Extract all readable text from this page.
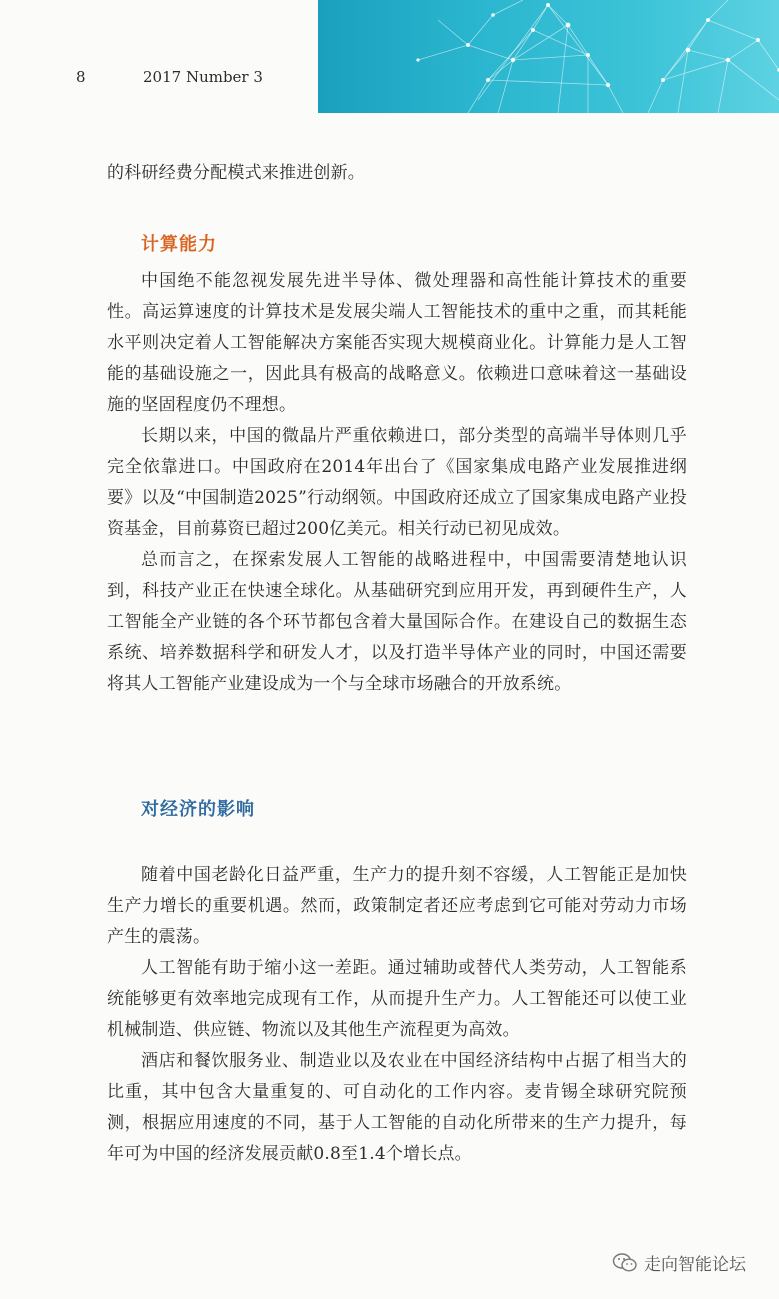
8	2017 Number 3

的科研经费分配模式来推进创新。

计算能力

中国绝不能忽视发展先进半导体、微处理器和高性能计算技术的重要性。高运算速度的计算技术是发展尖端人工智能技术的重中之重，而其耗能水平则决定着人工智能解决方案能否实现大规模商业化。计算能力是人工智能的基础设施之一，因此具有极高的战略意义。依赖进口意味着这一基础设施的坚固程度仍不理想。

长期以来，中国的微晶片严重依赖进口，部分类型的高端半导体则几乎完全依靠进口。中国政府在2014年出台了《国家集成电路产业发展推进纲要》以及“中国制造2025”行动纲领。中国政府还成立了国家集成电路产业投资基金，目前募资已超过200亿美元。相关行动已初见成效。

总而言之，在探索发展人工智能的战略进程中，中国需要清楚地认识到，科技产业正在快速全球化。从基础研究到应用开发，再到硬件生产，人工智能全产业链的各个环节都包含着大量国际合作。在建设自己的数据生态系统、培养数据科学和研发人才，以及打造半导体产业的同时，中国还需要将其人工智能产业建设成为一个与全球市场融合的开放系统。

对经济的影响

随着中国老龄化日益严重，生产力的提升刻不容缓，人工智能正是加快生产力增长的重要机遇。然而，政策制定者还应考虑到它可能对劳动力市场产生的震荡。

人工智能有助于缩小这一差距。通过辅助或替代人类劳动，人工智能系统能够更有效率地完成现有工作，从而提升生产力。人工智能还可以使工业机械制造、供应链、物流以及其他生产流程更为高效。

酒店和餐饮服务业、制造业以及农业在中国经济结构中占据了相当大的比重，其中包含大量重复的、可自动化的工作内容。麦肯锡全球研究院预测，根据应用速度的不同，基于人工智能的自动化所带来的生产力提升，每年可为中国的经济发展贡献0.8至1.4个增长点。

走向智能论坛
